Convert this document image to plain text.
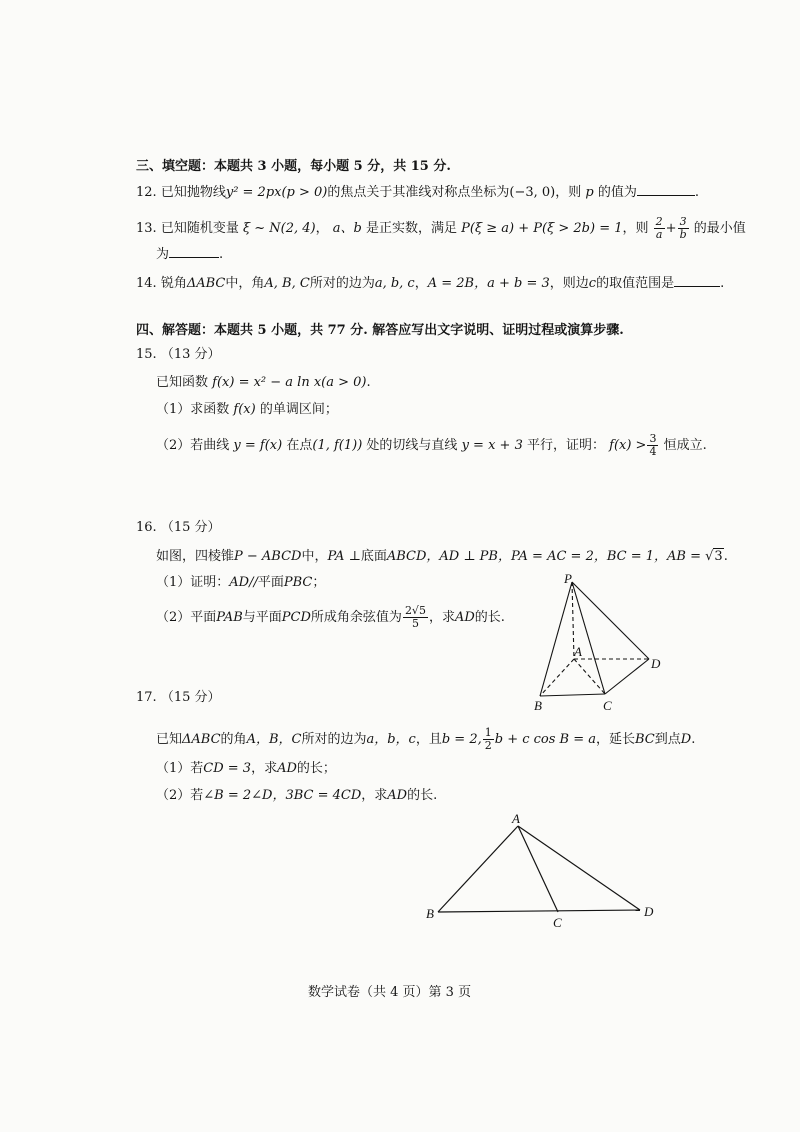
三、填空题：本题共 3 小题，每小题 5 分，共 15 分.
12. 已知抛物线y² = 2px(p > 0)的焦点关于其准线对称点坐标为(−3, 0)，则 p 的值为	.
13. 已知随机变量 ξ ~ N(2, 4)， a、b 是正实数，满足 P(ξ ≥ a) + P(ξ > 2b) = 1，则 $\frac{2}{a} + \frac{3}{b}$ 的最小值
为	.
14. 锐角ΔABC中，角A, B, C所对的边为a, b, c，A = 2B，a + b = 3，则边c的取值范围是	.
四、解答题：本题共 5 小题，共 77 分. 解答应写出文字说明、证明过程或演算步骤.
15. （13 分）
已知函数 f(x) = x² − a ln x(a > 0).
（1）求函数 f(x) 的单调区间；
（2）若曲线 y = f(x) 在点(1, f(1)) 处的切线与直线 y = x + 3 平行，证明： $f(x) > \frac{3}{4}$ 恒成立.
16. （15 分）
如图，四棱锥P − ABCD中，PA ⊥底面ABCD，AD ⊥ PB，PA = AC = 2，BC = 1，AB = √3.
（1）证明：AD//平面PBC；
（2）平面PAB与平面PCD所成角余弦值为 $\frac{2√5}{5}$ ，求AD的长.
P
A
B	C
D
17. （15 分）
已知ΔABC的角A，B，C所对的边为a，b，c，且b = 2, $\frac{1}{2}$ b + c cos B = a，延长BC到点D.
（1）若CD = 3，求AD的长；
（2）若∠B = 2∠D，3BC = 4CD，求AD的长.
A
B
C
D
数学试卷（共 4 页）第 3 页
